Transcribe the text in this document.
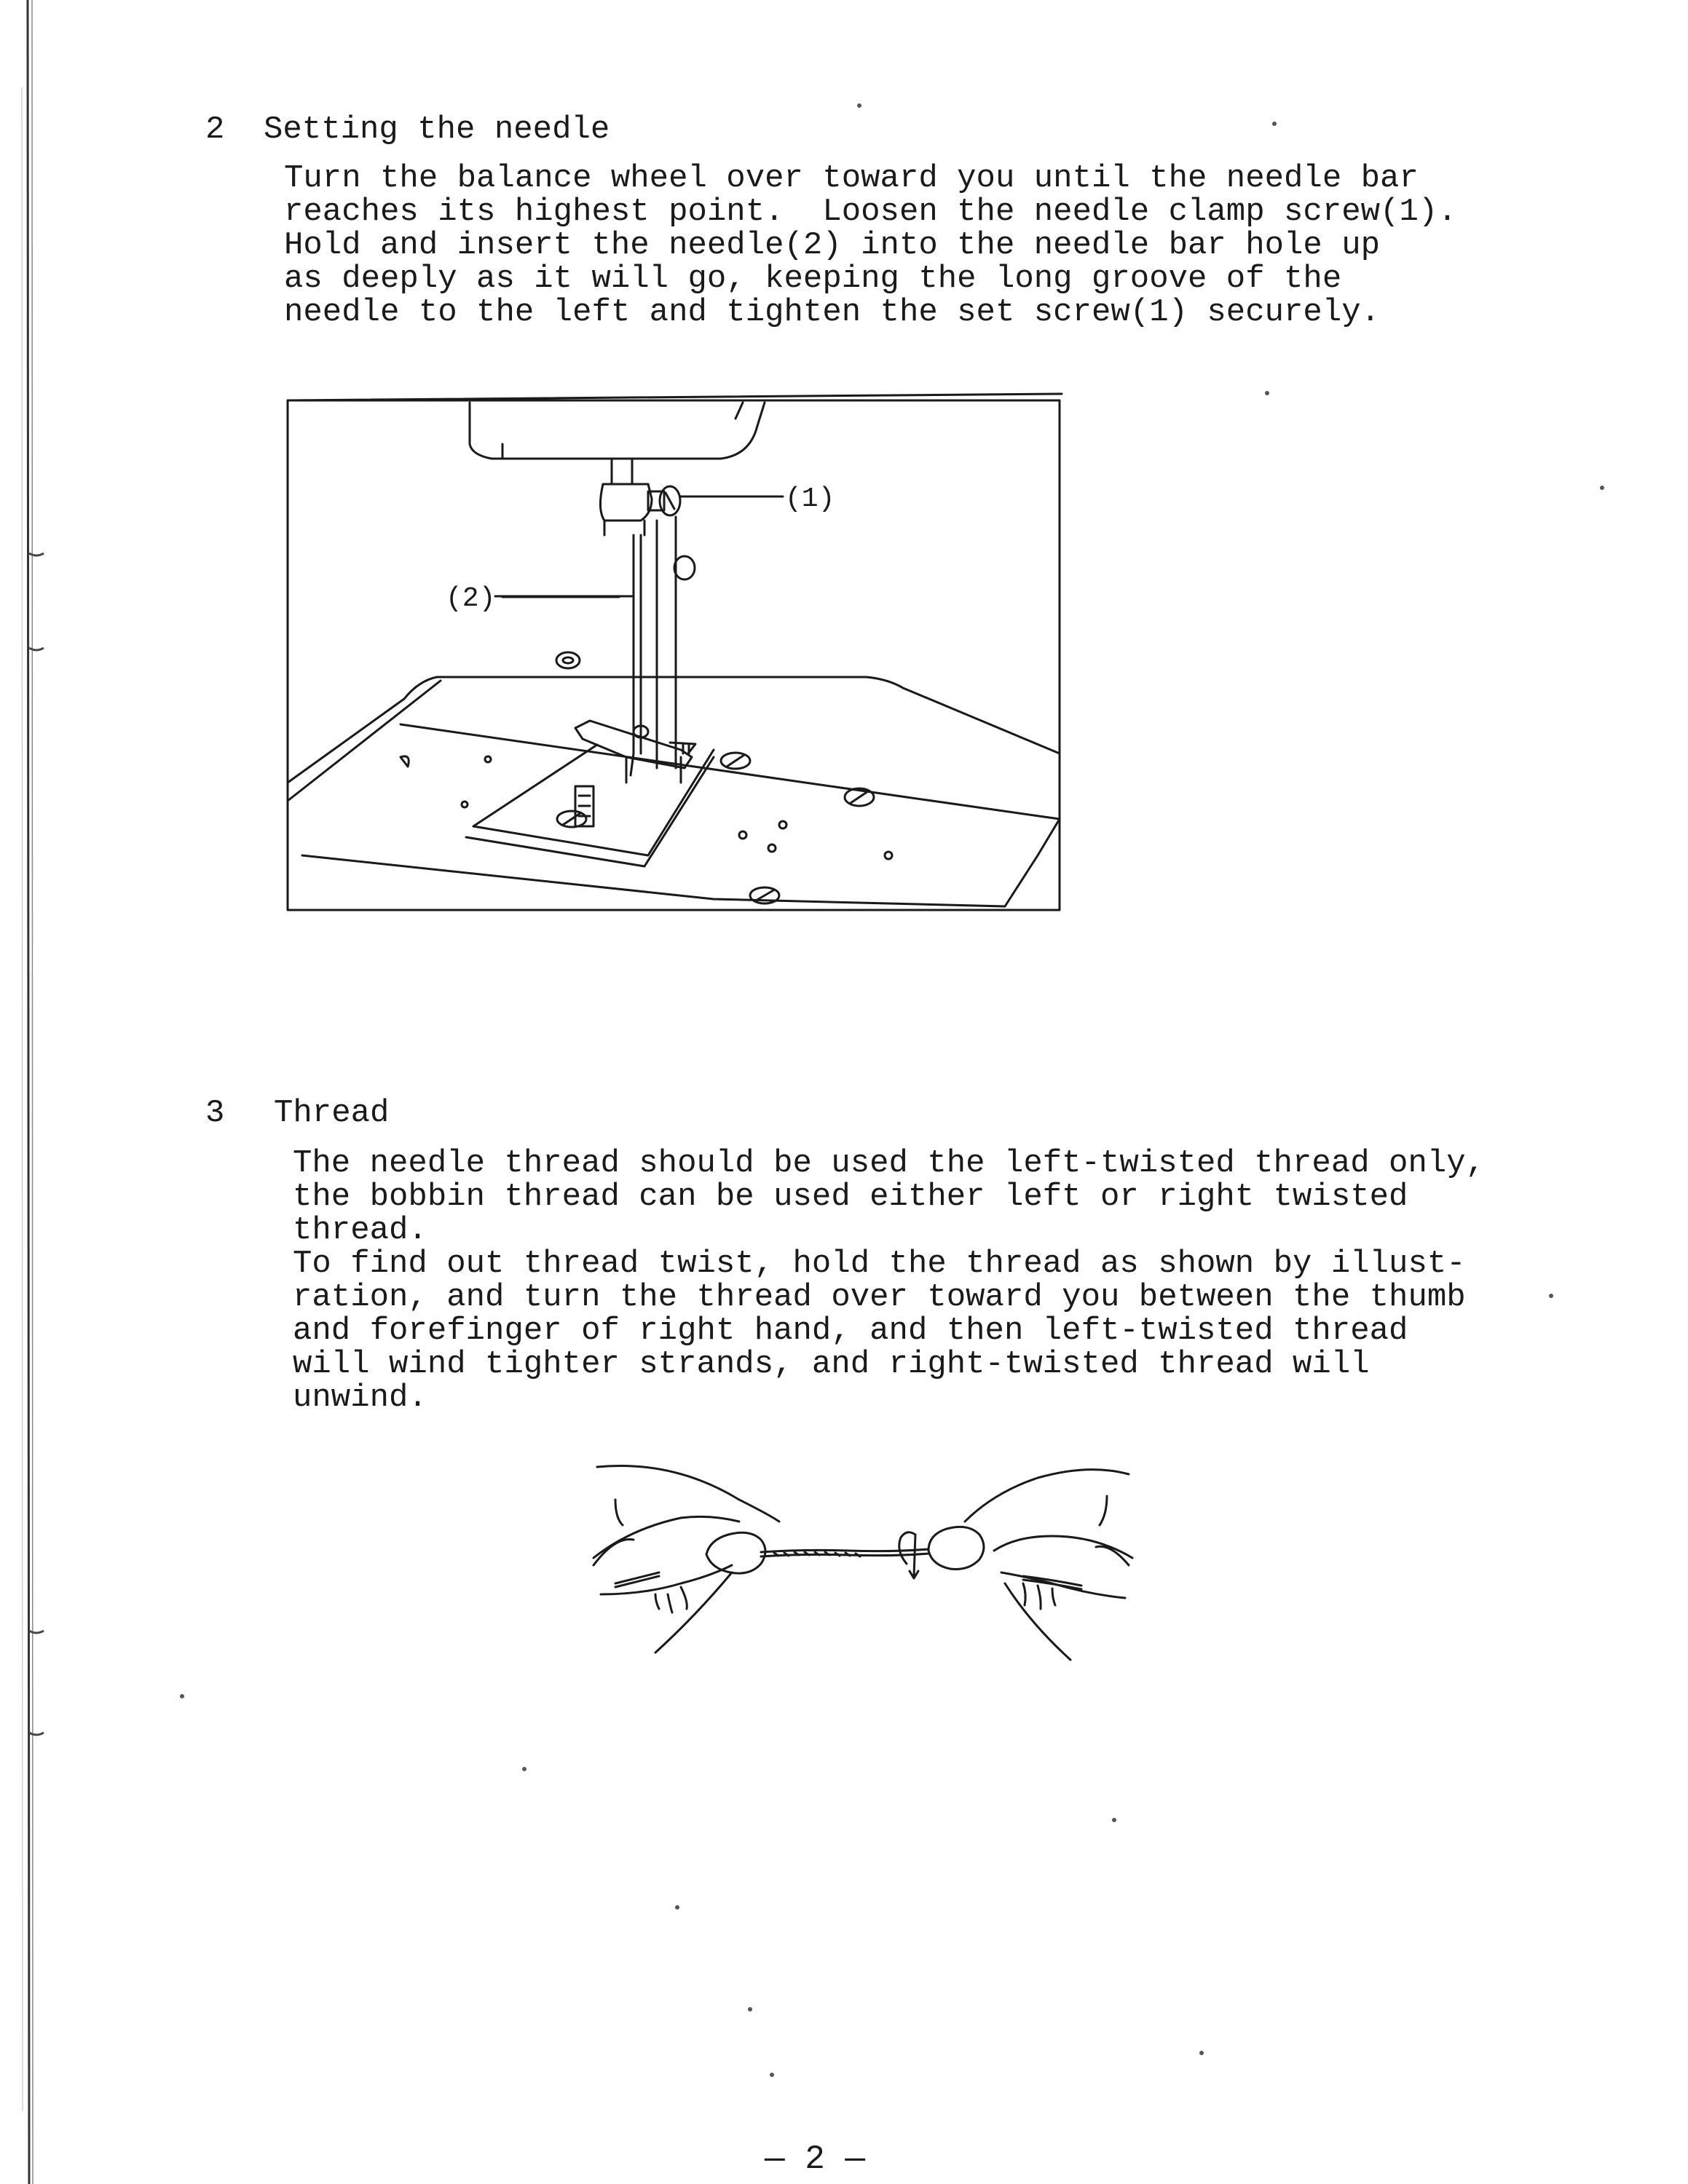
2 Setting the needle
Turn the balance wheel over toward you until the needle bar
reaches its highest point.  Loosen the needle clamp screw(1).
Hold and insert the needle(2) into the needle bar hole up
as deeply as it will go, keeping the long groove of the
needle to the left and tighten the set screw(1) securely.
(1)
(2)
3 Thread
The needle thread should be used the left-twisted thread only,
the bobbin thread can be used either left or right twisted
thread.
To find out thread twist, hold the thread as shown by illust-
ration, and turn the thread over toward you between the thumb
and forefinger of right hand, and then left-twisted thread
will wind tighter strands, and right-twisted thread will
unwind.
— 2 —
